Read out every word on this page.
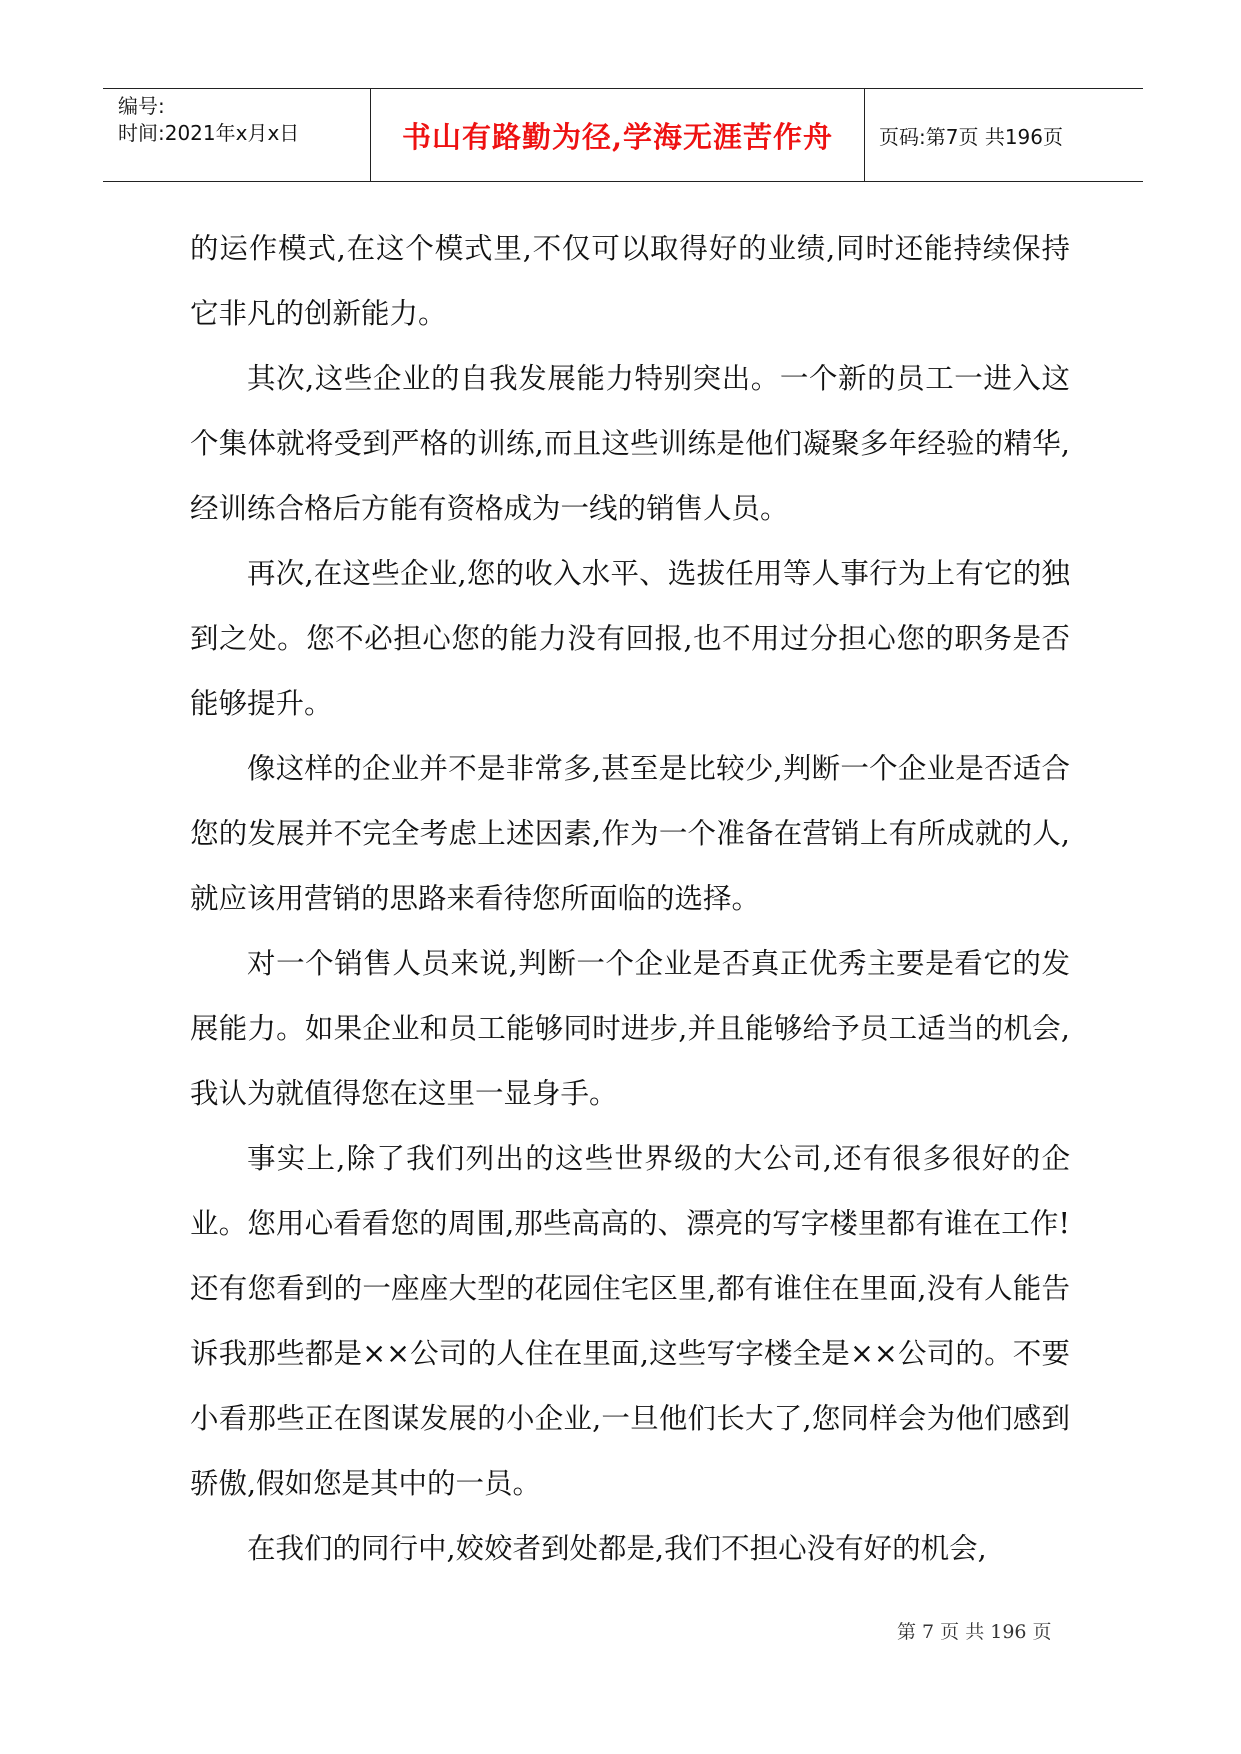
编号:
时间:2021年x月x日	书山有路勤为径,学海无涯苦作舟	页码:第7页 共196页

的运作模式,在这个模式里,不仅可以取得好的业绩,同时还能持续保持它非凡的创新能力。

其次,这些企业的自我发展能力特别突出。一个新的员工一进入这个集体就将受到严格的训练,而且这些训练是他们凝聚多年经验的精华,经训练合格后方能有资格成为一线的销售人员。

再次,在这些企业,您的收入水平、选拔任用等人事行为上有它的独到之处。您不必担心您的能力没有回报,也不用过分担心您的职务是否能够提升。

像这样的企业并不是非常多,甚至是比较少,判断一个企业是否适合您的发展并不完全考虑上述因素,作为一个准备在营销上有所成就的人,就应该用营销的思路来看待您所面临的选择。

对一个销售人员来说,判断一个企业是否真正优秀主要是看它的发展能力。如果企业和员工能够同时进步,并且能够给予员工适当的机会,我认为就值得您在这里一显身手。

事实上,除了我们列出的这些世界级的大公司,还有很多很好的企业。您用心看看您的周围,那些高高的、漂亮的写字楼里都有谁在工作!还有您看到的一座座大型的花园住宅区里,都有谁住在里面,没有人能告诉我那些都是××公司的人住在里面,这些写字楼全是××公司的。不要小看那些正在图谋发展的小企业,一旦他们长大了,您同样会为他们感到骄傲,假如您是其中的一员。

在我们的同行中,姣姣者到处都是,我们不担心没有好的机会,

第 7 页 共 196 页
